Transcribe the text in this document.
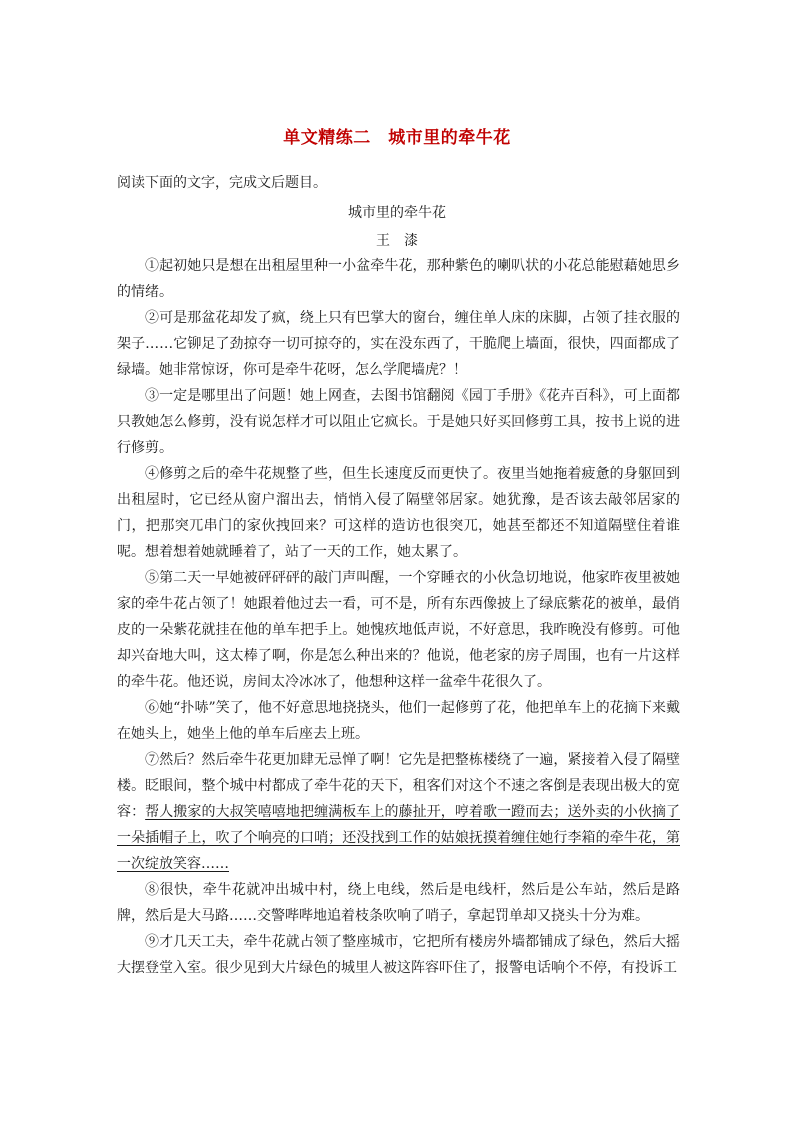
单文精练二　城市里的牵牛花
阅读下面的文字，完成文后题目。
城市里的牵牛花
王漆

①起初她只是想在出租屋里种一小盆牵牛花，那种紫色的喇叭状的小花总能慰藉她思乡的情绪。

②可是那盆花却发了疯，绕上只有巴掌大的窗台，缠住单人床的床脚，占领了挂衣服的架子……它铆足了劲掠夺一切可掠夺的，实在没东西了，干脆爬上墙面，很快，四面都成了绿墙。她非常惊讶，你可是牵牛花呀，怎么学爬墙虎？！

③一定是哪里出了问题！她上网查，去图书馆翻阅《园丁手册》《花卉百科》，可上面都只教她怎么修剪，没有说怎样才可以阻止它疯长。于是她只好买回修剪工具，按书上说的进行修剪。

④修剪之后的牵牛花规整了些，但生长速度反而更快了。夜里当她拖着疲惫的身躯回到出租屋时，它已经从窗户溜出去，悄悄入侵了隔壁邻居家。她犹豫，是否该去敲邻居家的门，把那突兀串门的家伙拽回来？可这样的造访也很突兀，她甚至都还不知道隔壁住着谁呢。想着想着她就睡着了，站了一天的工作，她太累了。

⑤第二天一早她被砰砰砰的敲门声叫醒，一个穿睡衣的小伙急切地说，他家昨夜里被她家的牵牛花占领了！她跟着他过去一看，可不是，所有东西像披上了绿底紫花的被单，最俏皮的一朵紫花就挂在他的单车把手上。她愧疚地低声说，不好意思，我昨晚没有修剪。可他却兴奋地大叫，这太棒了啊，你是怎么种出来的？他说，他老家的房子周围，也有一片这样的牵牛花。他还说，房间太冷冰冰了，他想种这样一盆牵牛花很久了。

⑥她“扑哧”笑了，他不好意思地挠挠头，他们一起修剪了花，他把单车上的花摘下来戴在她头上，她坐上他的单车后座去上班。

⑦然后？然后牵牛花更加肆无忌惮了啊！它先是把整栋楼绕了一遍，紧接着入侵了隔壁楼。眨眼间，整个城中村都成了牵牛花的天下，租客们对这个不速之客倒是表现出极大的宽容：帮人搬家的大叔笑嘻嘻地把缠满板车上的藤扯开，哼着歌一蹬而去；送外卖的小伙摘了一朵插帽子上，吹了个响亮的口哨；还没找到工作的姑娘抚摸着缠住她行李箱的牵牛花，第一次绽放笑容……

⑧很快，牵牛花就冲出城中村，绕上电线，然后是电线杆，然后是公车站，然后是路牌，然后是大马路……交警哔哔地追着枝条吹响了哨子，拿起罚单却又挠头十分为难。

⑨才几天工夫，牵牛花就占领了整座城市，它把所有楼房外墙都铺成了绿色，然后大摇大摆登堂入室。很少见到大片绿色的城里人被这阵容吓住了，报警电话响个不停，有投诉工
